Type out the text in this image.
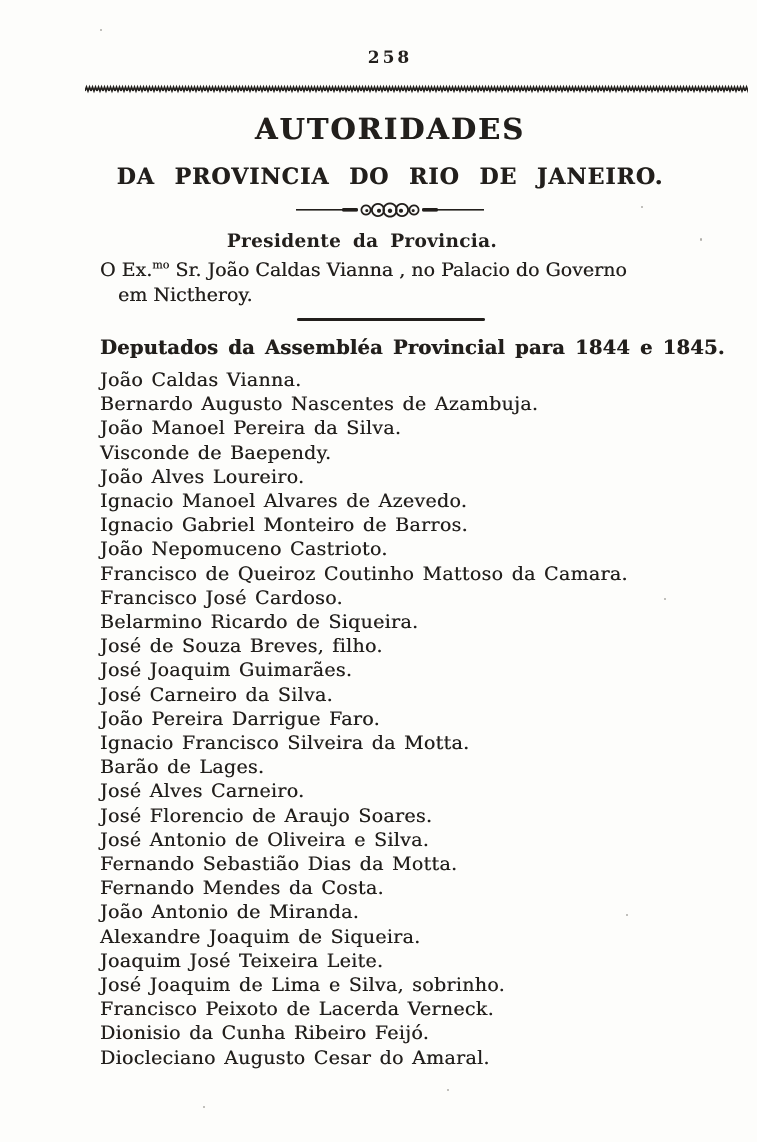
258
AUTORIDADES
DA PROVINCIA DO RIO DE JANEIRO.
Presidente da Provincia.
O Ex.$^{mo}$ Sr. João Caldas Vianna , no Palacio do Governo
em Nictheroy.
Deputados da Assembléa Provincial para 1844 e 1845.
João Caldas Vianna.
Bernardo Augusto Nascentes de Azambuja.
João Manoel Pereira da Silva.
Visconde de Baependy.
João Alves Loureiro.
Ignacio Manoel Alvares de Azevedo.
Ignacio Gabriel Monteiro de Barros.
João Nepomuceno Castrioto.
Francisco de Queiroz Coutinho Mattoso da Camara.
Francisco José Cardoso.
Belarmino Ricardo de Siqueira.
José de Souza Breves, filho.
José Joaquim Guimarães.
José Carneiro da Silva.
João Pereira Darrigue Faro.
Ignacio Francisco Silveira da Motta.
Barão de Lages.
José Alves Carneiro.
José Florencio de Araujo Soares.
José Antonio de Oliveira e Silva.
Fernando Sebastião Dias da Motta.
Fernando Mendes da Costa.
João Antonio de Miranda.
Alexandre Joaquim de Siqueira.
Joaquim José Teixeira Leite.
José Joaquim de Lima e Silva, sobrinho.
Francisco Peixoto de Lacerda Verneck.
Dionisio da Cunha Ribeiro Feijó.
Diocleciano Augusto Cesar do Amaral.
